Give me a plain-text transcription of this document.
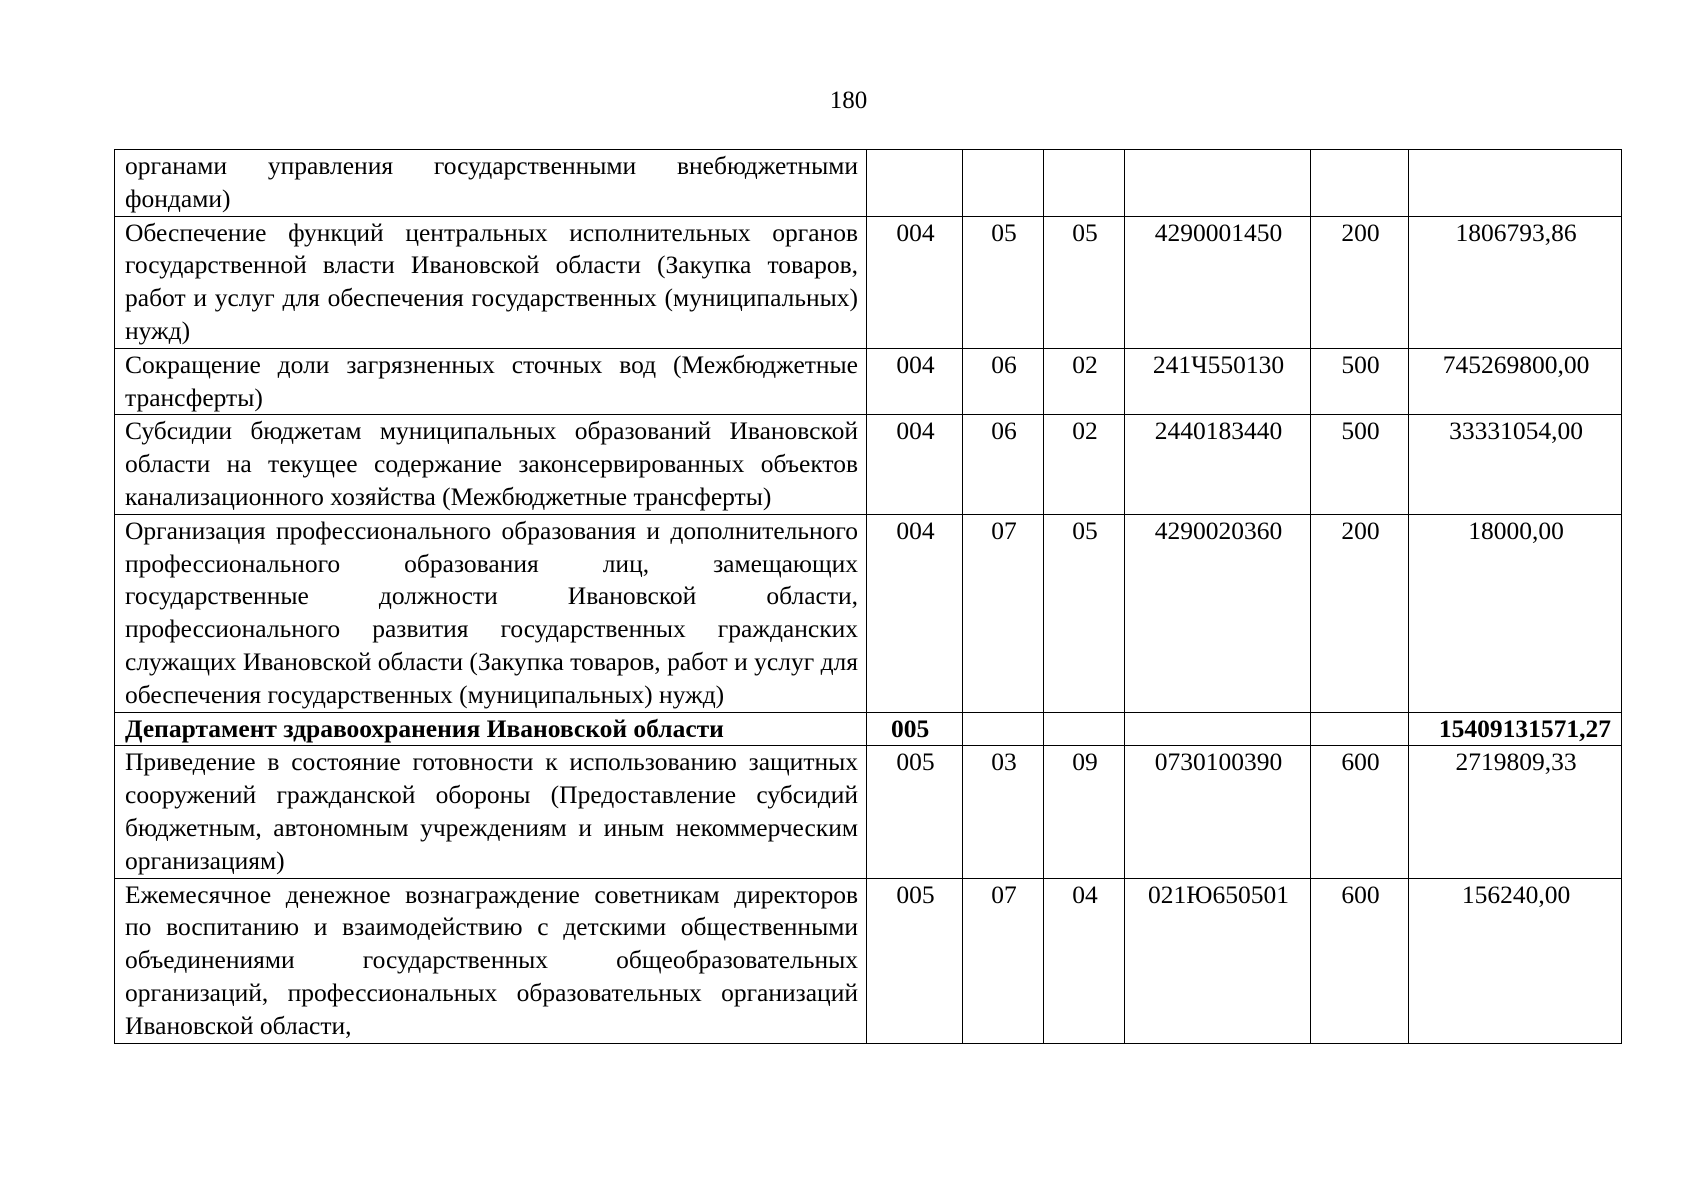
180
органами управления государственными внебюджетными фондами)						
Обеспечение функций центральных исполнительных органов государственной власти Ивановской области (Закупка товаров, работ и услуг для обеспечения государственных (муниципальных) нужд)	004	05	05	4290001450	200	1806793,86
Сокращение доли загрязненных сточных вод (Межбюджетные трансферты)	004	06	02	241Ч550130	500	745269800,00
Субсидии бюджетам муниципальных образований Ивановской области на текущее содержание законсервированных объектов канализационного хозяйства (Межбюджетные трансферты)	004	06	02	2440183440	500	33331054,00
Организация профессионального образования и дополнительного профессионального образования лиц, замещающих государственные должности Ивановской области, профессионального развития государственных гражданских служащих Ивановской области (Закупка товаров, работ и услуг для обеспечения государственных (муниципальных) нужд)	004	07	05	4290020360	200	18000,00
Департамент здравоохранения Ивановской области	005					15409131571,27
Приведение в состояние готовности к использованию защитных сооружений гражданской обороны (Предоставление субсидий бюджетным, автономным учреждениям и иным некоммерческим организациям)	005	03	09	0730100390	600	2719809,33
Ежемесячное денежное вознаграждение советникам директоров по воспитанию и взаимодействию с детскими общественными объединениями государственных общеобразовательных организаций, профессиональных образовательных организаций Ивановской области,	005	07	04	021Ю650501	600	156240,00
